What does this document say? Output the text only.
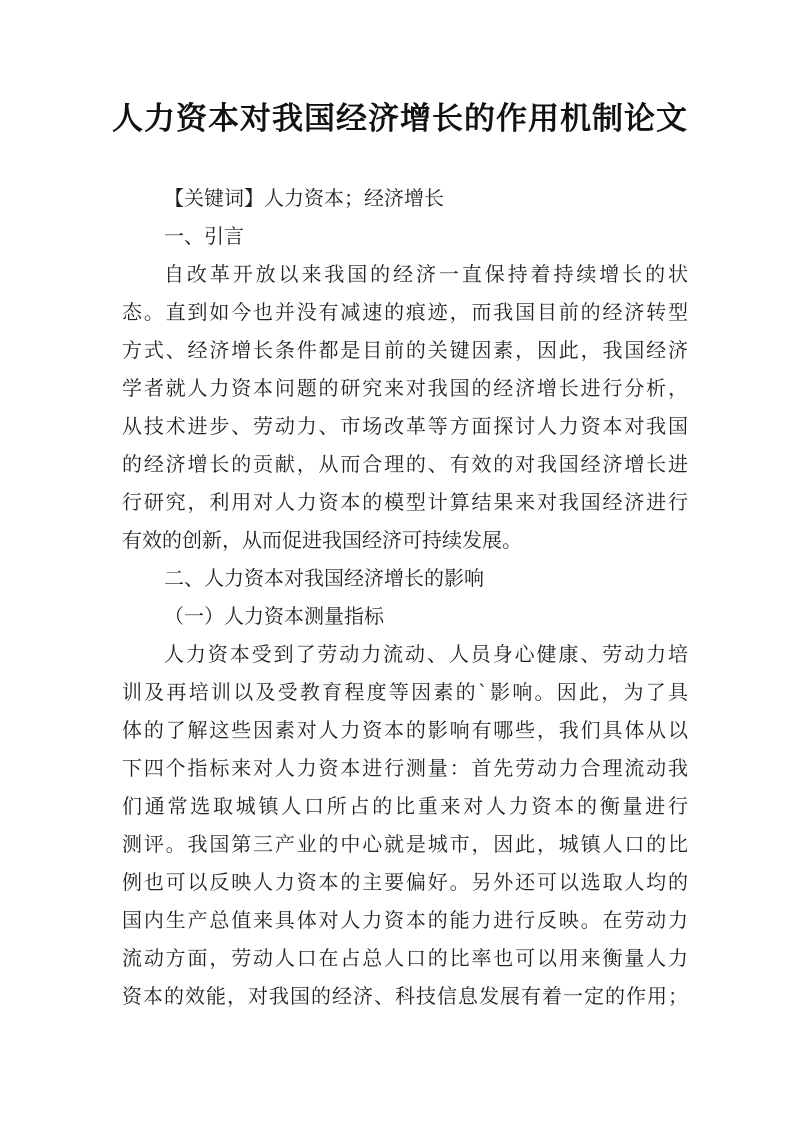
人力资本对我国经济增长的作用机制论文
【关键词】人力资本；经济增长
一、引言
自改革开放以来我国的经济一直保持着持续增长的状
态。直到如今也并没有减速的痕迹，而我国目前的经济转型
方式、经济增长条件都是目前的关键因素，因此，我国经济
学者就人力资本问题的研究来对我国的经济增长进行分析，
从技术进步、劳动力、市场改革等方面探讨人力资本对我国
的经济增长的贡献，从而合理的、有效的对我国经济增长进
行研究，利用对人力资本的模型计算结果来对我国经济进行
有效的创新，从而促进我国经济可持续发展。
二、人力资本对我国经济增长的影响
（一）人力资本测量指标
人力资本受到了劳动力流动、人员身心健康、劳动力培
训及再培训以及受教育程度等因素的`影响。因此，为了具
体的了解这些因素对人力资本的影响有哪些，我们具体从以
下四个指标来对人力资本进行测量：首先劳动力合理流动我
们通常选取城镇人口所占的比重来对人力资本的衡量进行
测评。我国第三产业的中心就是城市，因此，城镇人口的比
例也可以反映人力资本的主要偏好。另外还可以选取人均的
国内生产总值来具体对人力资本的能力进行反映。在劳动力
流动方面，劳动人口在占总人口的比率也可以用来衡量人力
资本的效能，对我国的经济、科技信息发展有着一定的作用；
